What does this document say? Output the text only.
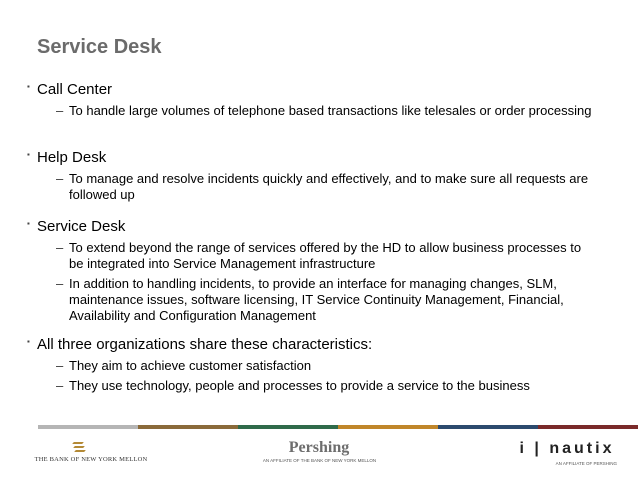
Service Desk
▪ Call Center
– To handle large volumes of telephone based transactions like telesales or order processing
▪ Help Desk
– To manage and resolve incidents quickly and effectively, and to make sure all requests are followed up
▪ Service Desk
– To extend beyond the range of services offered by the HD to allow business processes to be integrated into Service Management infrastructure
– In addition to handling incidents, to provide an interface for managing changes, SLM, maintenance issues, software licensing, IT Service Continuity Management, Financial, Availability and Configuration Management
▪ All three organizations share these characteristics:
– They aim to achieve customer satisfaction
– They use technology, people and processes to provide a service to the business
THE BANK OF NEW YORK MELLON
Pershing
AN AFFILIATE OF THE BANK OF NEW YORK MELLON
i | nautix
AN AFFILIATE OF PERSHING
